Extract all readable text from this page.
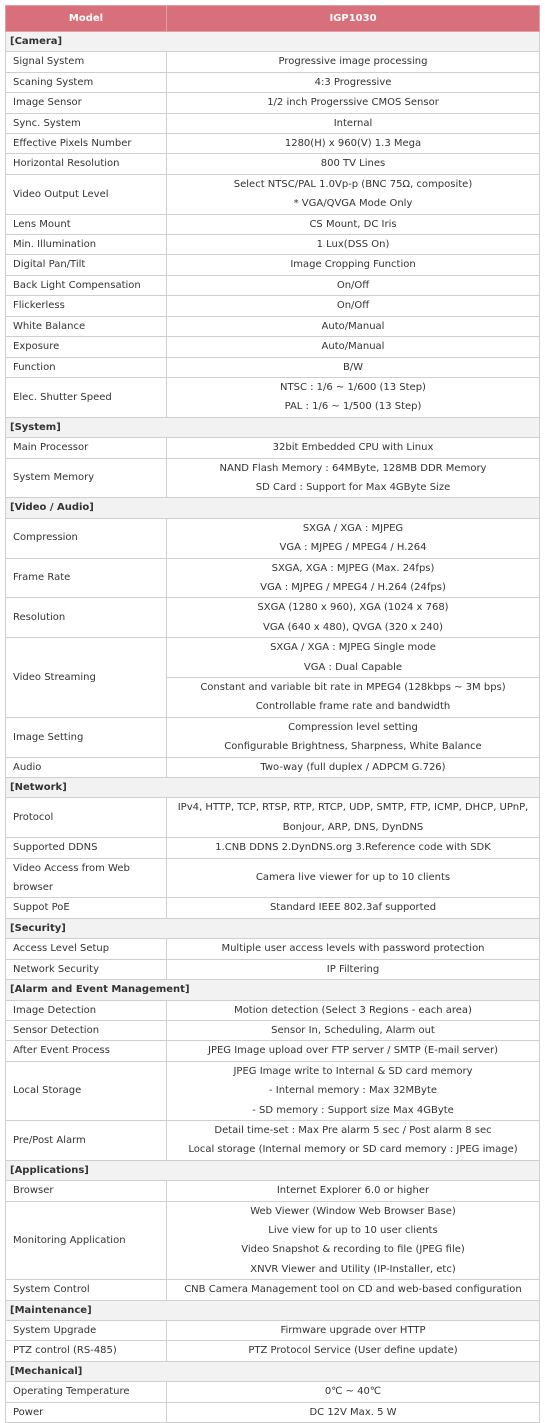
Model	IGP1030
[Camera]	
Signal System	Progressive image processing

Scaning System	4:3 Progressive

Image Sensor	1/2 inch Progerssive CMOS Sensor

Sync. System	Internal

Effective Pixels Number	1280(H) x 960(V) 1.3 Mega

Horizontal Resolution	800 TV Lines

Video Output Level	Select NTSC/PAL 1.0Vp-p (BNC 75Ω, composite)
* VGA/QVGA Mode Only

Lens Mount	CS Mount, DC Iris

Min. Illumination	1 Lux(DSS On)

Digital Pan/Tilt	Image Cropping Function

Back Light Compensation	On/Off

Flickerless	On/Off

White Balance	Auto/Manual

Exposure	Auto/Manual

Function	B/W

Elec. Shutter Speed	NTSC : 1/6 ~ 1/600 (13 Step)
PAL : 1/6 ~ 1/500 (13 Step)

[System]	
Main Processor	32bit Embedded CPU with Linux

System Memory	NAND Flash Memory : 64MByte, 128MB DDR Memory
SD Card : Support for Max 4GByte Size

[Video / Audio]	
Compression	SXGA / XGA : MJPEG
VGA : MJPEG / MPEG4 / H.264

Frame Rate	SXGA, XGA : MJPEG (Max. 24fps)
VGA : MJPEG / MPEG4 / H.264 (24fps)

Resolution	SXGA (1280 x 960), XGA (1024 x 768)
VGA (640 x 480), QVGA (320 x 240)

Video Streaming	SXGA / XGA : MJPEG Single mode
VGA : Dual Capable

	Constant and variable bit rate in MPEG4 (128kbps ~ 3M bps)
Controllable frame rate and bandwidth

Image Setting	Compression level setting
Configurable Brightness, Sharpness, White Balance

Audio	Two-way (full duplex / ADPCM G.726)

[Network]	
Protocol	IPv4, HTTP, TCP, RTSP, RTP, RTCP, UDP, SMTP, FTP, ICMP, DHCP, UPnP,
Bonjour, ARP, DNS, DynDNS

Supported DDNS	1.CNB DDNS 2.DynDNS.org 3.Reference code with SDK

Video Access from Web
browser	Camera live viewer for up to 10 clients

Suppot PoE	Standard IEEE 802.3af supported

[Security]	
Access Level Setup	Multiple user access levels with password protection

Network Security	IP Filtering

[Alarm and Event Management]	
Image Detection	Motion detection (Select 3 Regions - each area)

Sensor Detection	Sensor In, Scheduling, Alarm out

After Event Process	JPEG Image upload over FTP server / SMTP (E-mail server)

Local Storage	JPEG Image write to Internal & SD card memory
- Internal memory : Max 32MByte
- SD memory : Support size Max 4GByte

Pre/Post Alarm	Detail time-set : Max Pre alarm 5 sec / Post alarm 8 sec
Local storage (Internal memory or SD card memory : JPEG image)

[Applications]	
Browser	Internet Explorer 6.0 or higher

Monitoring Application	Web Viewer (Window Web Browser Base)
Live view for up to 10 user clients
Video Snapshot & recording to file (JPEG file)
XNVR Viewer and Utility (IP-Installer, etc)

System Control	CNB Camera Management tool on CD and web-based configuration

[Maintenance]	
System Upgrade	Firmware upgrade over HTTP

PTZ control (RS-485)	PTZ Protocol Service (User define update)

[Mechanical]	
Operating Temperature	0℃ ~ 40℃

Power	DC 12V Max. 5 W
